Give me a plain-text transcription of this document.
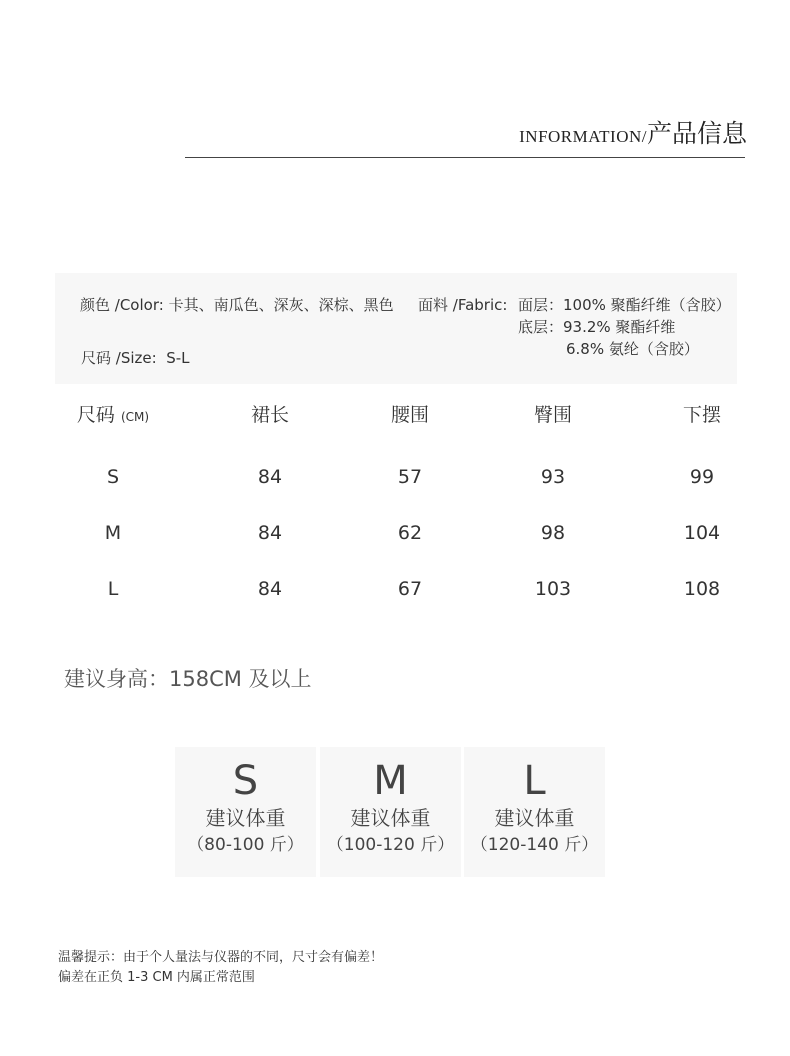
INFORMATION/产品信息
颜色 /Color: 卡其、南瓜色、深灰、深棕、黑色
尺码 /Size: S-L
面料 /Fabric: 面层：100% 聚酯纤维（含胶）
底层：93.2% 聚酯纤维
6.8% 氨纶（含胶）
尺码 (CM)	裙长	腰围	臀围	下摆
S	84	57	93	99
M	84	62	98	104
L	84	67	103	108
建议身高：158CM 及以上
S
建议体重
（80-100 斤）
M
建议体重
（100-120 斤）
L
建议体重
（120-140 斤）
温馨提示：由于个人量法与仪器的不同，尺寸会有偏差！
偏差在正负 1-3 CM 内属正常范围
